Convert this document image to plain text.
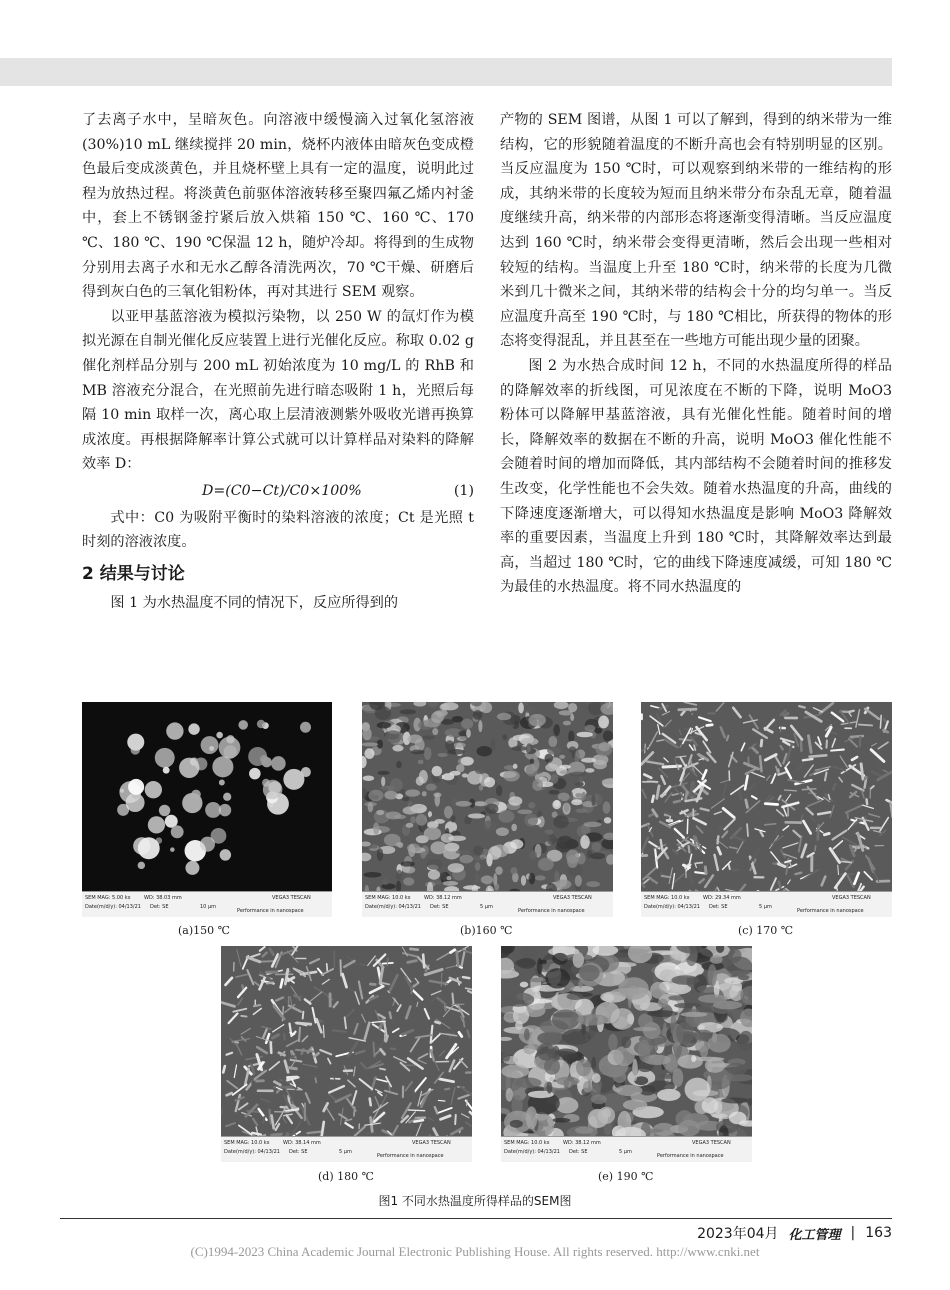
了去离子水中，呈暗灰色。向溶液中缓慢滴入过氧化氢溶液 (30%)10 mL 继续搅拌 20 min，烧杯内液体由暗灰色变成橙色最后变成淡黄色，并且烧杯壁上具有一定的温度，说明此过程为放热过程。将淡黄色前驱体溶液转移至聚四氟乙烯内衬釜中，套上不锈钢釜拧紧后放入烘箱 150 ℃、160 ℃、170 ℃、180 ℃、190 ℃保温 12 h，随炉冷却。将得到的生成物分别用去离子水和无水乙醇各清洗两次，70 ℃干燥、研磨后得到灰白色的三氧化钼粉体，再对其进行 SEM 观察。

以亚甲基蓝溶液为模拟污染物，以 250 W 的氙灯作为模拟光源在自制光催化反应装置上进行光催化反应。称取 0.02 g 催化剂样品分别与 200 mL 初始浓度为 10 mg/L 的 RhB 和 MB 溶液充分混合，在光照前先进行暗态吸附 1 h，光照后每隔 10 min 取样一次，离心取上层清液测紫外吸收光谱再换算成浓度。再根据降解率计算公式就可以计算样品对染料的降解效率 D：

D=(C0−Ct)/C0×100%	(1)

式中：C0 为吸附平衡时的染料溶液的浓度；Ct 是光照 t 时刻的溶液浓度。

2 结果与讨论

图 1 为水热温度不同的情况下，反应所得到的

产物的 SEM 图谱，从图 1 可以了解到，得到的纳米带为一维结构，它的形貌随着温度的不断升高也会有特别明显的区别。当反应温度为 150 ℃时，可以观察到纳米带的一维结构的形成，其纳米带的长度较为短而且纳米带分布杂乱无章，随着温度继续升高，纳米带的内部形态将逐渐变得清晰。当反应温度达到 160 ℃时，纳米带会变得更清晰，然后会出现一些相对较短的结构。当温度上升至 180 ℃时，纳米带的长度为几微米到几十微米之间，其纳米带的结构会十分的均匀单一。当反应温度升高至 190 ℃时，与 180 ℃相比，所获得的物体的形态将变得混乱，并且甚至在一些地方可能出现少量的团聚。

图 2 为水热合成时间 12 h，不同的水热温度所得的样品的降解效率的折线图，可见浓度在不断的下降，说明 MoO3 粉体可以降解甲基蓝溶液，具有光催化性能。随着时间的增长，降解效率的数据在不断的升高，说明 MoO3 催化性能不会随着时间的增加而降低，其内部结构不会随着时间的推移发生改变，化学性能也不会失效。随着水热温度的升高，曲线的下降速度逐渐增大，可以得知水热温度是影响 MoO3 降解效率的重要因素，当温度上升到 180 ℃时，其降解效率达到最高，当超过 180 ℃时，它的曲线下降速度减缓，可知 180 ℃为最佳的水热温度。将不同水热温度的

SEM MAG: 5.00 kx	WD: 38.03 mm	VEGA3 TESCAN
Date(m/d/y): 04/13/21 Det: SE	10 μm
Performance in nanospace
SEM MAG: 10.0 kx	WD: 38.12 mm	VEGA3 TESCAN
Date(m/d/y): 04/13/21 Det: SE	5 μm
Performance in nanospace
SEM MAG: 10.0 kx	WD: 29.34 mm	VEGA3 TESCAN
Date(m/d/y): 04/13/21 Det: SE	5 μm
Performance in nanospace
SEM MAG: 10.0 kx	WD: 38.14 mm	VEGA3 TESCAN
Date(m/d/y): 04/13/21 Det: SE	5 μm
Performance in nanospace
SEM MAG: 10.0 kx	WD: 38.12 mm	VEGA3 TESCAN
Date(m/d/y): 04/13/21 Det: SE	5 μm
Performance in nanospace
(a)150 ℃	(b)160 ℃	(c) 170 ℃
(d) 180 ℃	(e) 190 ℃
图1 不同水热温度所得样品的SEM图
2023年04月 化工管理 | 163
(C)1994-2023 China Academic Journal Electronic Publishing House. All rights reserved. http://www.cnki.net
